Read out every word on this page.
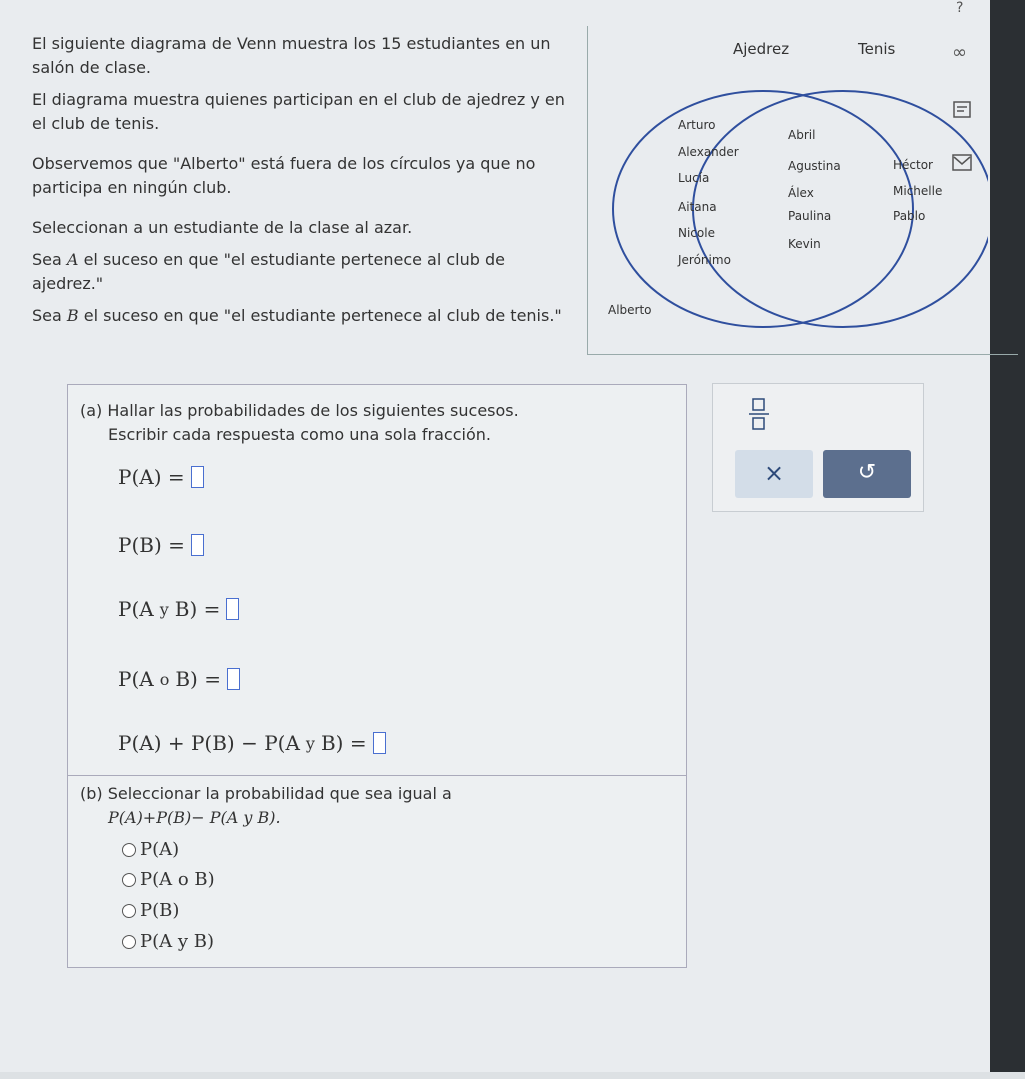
El siguiente diagrama de Venn muestra los 15 estudiantes en un salón de clase.

El diagrama muestra quienes participan en el club de ajedrez y en el club de tenis.

Observemos que "Alberto" está fuera de los círculos ya que no participa en ningún club.

Seleccionan a un estudiante de la clase al azar.

Sea A el suceso en que "el estudiante pertenece al club de ajedrez."

Sea B el suceso en que "el estudiante pertenece al club de tenis."

Ajedrez	Tenis
Arturo
Alexander
Lucía
Aitana
Nicole
Jerónimo
Abril
Agustina
Álex
Paulina
Kevin
Héctor
Michelle
Pablo
Alberto
∞
?
(a) Hallar las probabilidades de los siguientes sucesos.
Escribir cada respuesta como una sola fracción.
P(A) =
P(B) =
P(A y B) =
P(A o B) =
P(A) + P(B) − P(A y B) =
(b) Seleccionar la probabilidad que sea igual a
P(A)+P(B)− P(A y B).
P(A)
P(A o B)
P(B)
P(A y B)
×	↺
